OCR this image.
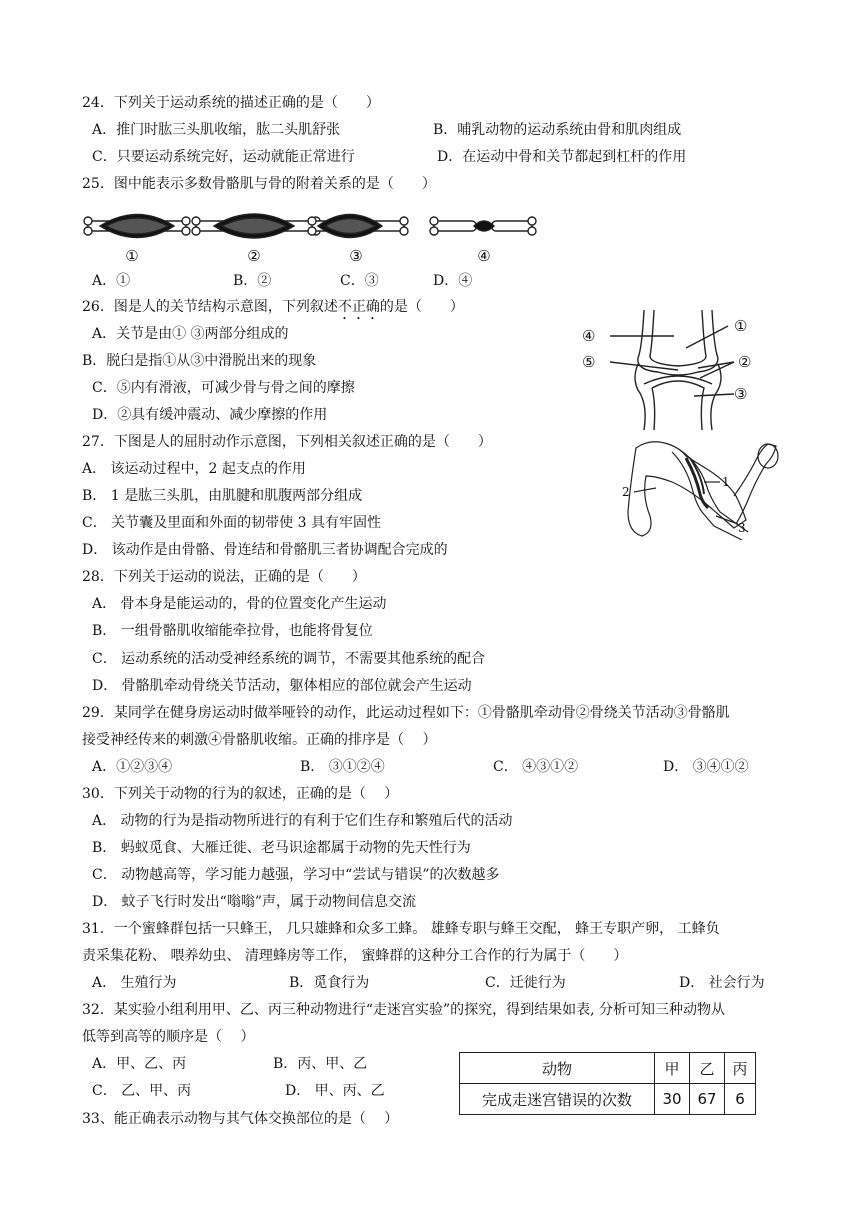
24．下列关于运动系统的描述正确的是（　　）
A．推门时肱三头肌收缩，肱二头肌舒张	B．哺乳动物的运动系统由骨和肌肉组成
C．只要运动系统完好，运动就能正常进行	D．在运动中骨和关节都起到杠杆的作用
25．图中能表示多数骨骼肌与骨的附着关系的是（　　）
①	②	③	④
A．①	B．②	C．③	D．④
26．图是人的关节结构示意图，下列叙述不正确的是（　　）
A．关节是由① ③两部分组成的
B．脱臼是指①从③中滑脱出来的现象
C．⑤内有滑液，可减少骨与骨之间的摩擦
D．②具有缓冲震动、减少摩擦的作用
④
⑤
①
②
③
27．下图是人的屈肘动作示意图，下列相关叙述正确的是（　　）
A． 该运动过程中，2 起支点的作用
B． 1 是肱三头肌，由肌腱和肌腹两部分组成
C． 关节囊及里面和外面的韧带使 3 具有牢固性
D． 该动作是由骨骼、骨连结和骨骼肌三者协调配合完成的
1
2
3
28．下列关于运动的说法，正确的是（　　）
A． 骨本身是能运动的，骨的位置变化产生运动
B． 一组骨骼肌收缩能牵拉骨，也能将骨复位
C． 运动系统的活动受神经系统的调节，不需要其他系统的配合
D． 骨骼肌牵动骨绕关节活动，躯体相应的部位就会产生运动
29．某同学在健身房运动时做举哑铃的动作，此运动过程如下：①骨骼肌牵动骨②骨绕关节活动③骨骼肌
接受神经传来的刺激④骨骼肌收缩。正确的排序是（　 ）
A．①②③④	B． ③①②④	C． ④③①②	D． ③④①②
30．下列关于动物的行为的叙述，正确的是（　 ）
A． 动物的行为是指动物所进行的有利于它们生存和繁殖后代的活动
B． 蚂蚁觅食、大雁迁徙、老马识途都属于动物的先天性行为
C． 动物越高等，学习能力越强，学习中“尝试与错误”的次数越多
D． 蚊子飞行时发出“嗡嗡”声，属于动物间信息交流
31．一个蜜蜂群包括一只蜂王， 几只雄蜂和众多工蜂。 雄蜂专职与蜂王交配， 蜂王专职产卵， 工蜂负
责采集花粉、 喂养幼虫、 清理蜂房等工作， 蜜蜂群的这种分工合作的行为属于（　　）
A． 生殖行为	B．觅食行为	C．迁徙行为	D． 社会行为
32．某实验小组利用甲、乙、丙三种动物进行“走迷宫实验”的探究，得到结果如表, 分析可知三种动物从
低等到高等的顺序是（　 ）
A．甲、乙、丙	B．丙、甲、乙
C． 乙、甲、丙	D． 甲、丙、乙
动物	甲	乙	丙
完成走迷宫错误的次数	30	67	6
33、能正确表示动物与其气体交换部位的是（　 ）
